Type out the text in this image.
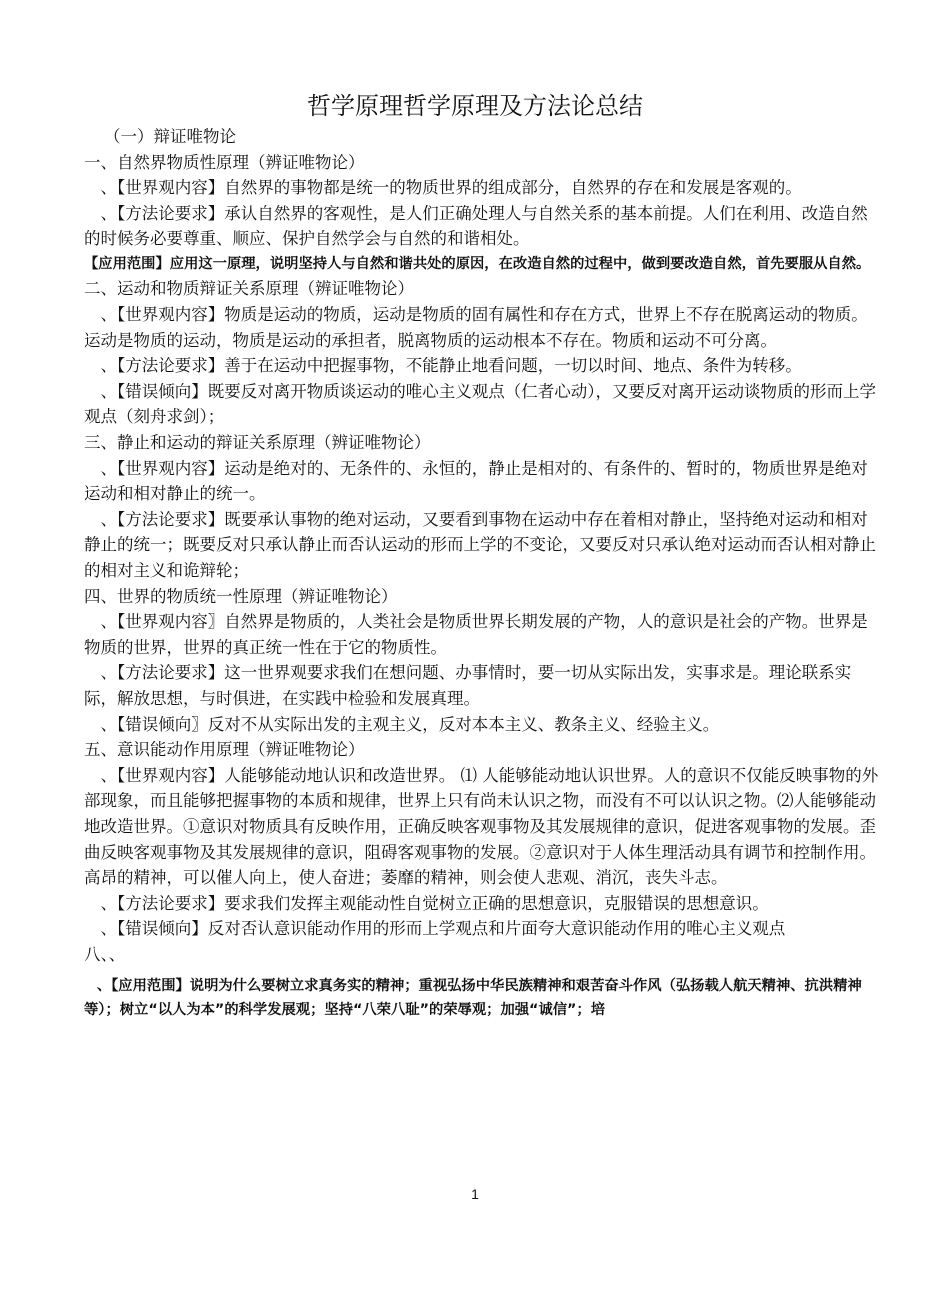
哲学原理哲学原理及方法论总结

（一）辩证唯物论

一、自然界物质性原理（辨证唯物论）

、【世界观内容】自然界的事物都是统一的物质世界的组成部分，自然界的存在和发展是客观的。

、【方法论要求】承认自然界的客观性，是人们正确处理人与自然关系的基本前提。人们在利用、改造自然的时候务必要尊重、顺应、保护自然学会与自然的和谐相处。

【应用范围】应用这一原理，说明坚持人与自然和谐共处的原因，在改造自然的过程中，做到要改造自然，首先要服从自然。

二、运动和物质辩证关系原理（辨证唯物论）

、【世界观内容】物质是运动的物质，运动是物质的固有属性和存在方式，世界上不存在脱离运动的物质。运动是物质的运动，物质是运动的承担者，脱离物质的运动根本不存在。物质和运动不可分离。

、【方法论要求】善于在运动中把握事物，不能静止地看问题，一切以时间、地点、条件为转移。

、【错误倾向】既要反对离开物质谈运动的唯心主义观点（仁者心动），又要反对离开运动谈物质的形而上学观点（刻舟求剑）；

三、静止和运动的辩证关系原理（辨证唯物论）

、【世界观内容】运动是绝对的、无条件的、永恒的，静止是相对的、有条件的、暂时的，物质世界是绝对运动和相对静止的统一。

、【方法论要求】既要承认事物的绝对运动，又要看到事物在运动中存在着相对静止，坚持绝对运动和相对静止的统一；既要反对只承认静止而否认运动的形而上学的不变论，又要反对只承认绝对运动而否认相对静止的相对主义和诡辩轮；

四、世界的物质统一性原理（辨证唯物论）

、【世界观内容〗自然界是物质的，人类社会是物质世界长期发展的产物，人的意识是社会的产物。世界是物质的世界，世界的真正统一性在于它的物质性。

、【方法论要求】这一世界观要求我们在想问题、办事情时，要一切从实际出发，实事求是。理论联系实际，解放思想，与时俱进，在实践中检验和发展真理。

、【错误倾向〗反对不从实际出发的主观主义，反对本本主义、教条主义、经验主义。

五、意识能动作用原理（辨证唯物论）

、【世界观内容】人能够能动地认识和改造世界。 ⑴ 人能够能动地认识世界。人的意识不仅能反映事物的外部现象，而且能够把握事物的本质和规律，世界上只有尚未认识之物，而没有不可以认识之物。⑵人能够能动地改造世界。①意识对物质具有反映作用，正确反映客观事物及其发展规律的意识，促进客观事物的发展。歪曲反映客观事物及其发展规律的意识，阻碍客观事物的发展。②意识对于人体生理活动具有调节和控制作用。高昂的精神，可以催人向上，使人奋进；萎靡的精神，则会使人悲观、消沉，丧失斗志。

、【方法论要求】要求我们发挥主观能动性自觉树立正确的思想意识，克服错误的思想意识。

、【错误倾向】反对否认意识能动作用的形而上学观点和片面夸大意识能动作用的唯心主义观点

八、、

、【应用范围】说明为什么要树立求真务实的精神；重视弘扬中华民族精神和艰苦奋斗作风（弘扬载人航天精神、抗洪精神等）；树立“以人为本”的科学发展观；坚持“八荣八耻”的荣辱观；加强“诚信”；培

1
